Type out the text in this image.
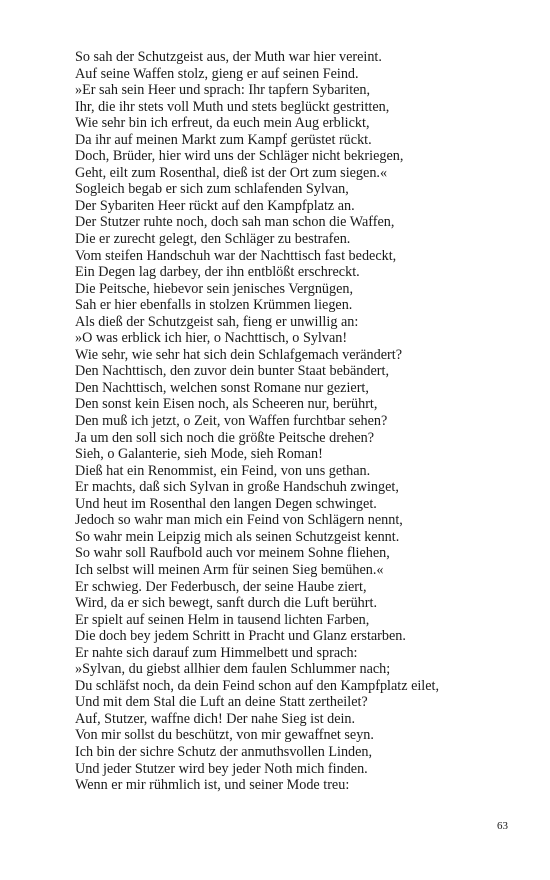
So sah der Schutzgeist aus, der Muth war hier vereint.
Auf seine Waffen stolz, gieng er auf seinen Feind.
»Er sah sein Heer und sprach: Ihr tapfern Sybariten,
Ihr, die ihr stets voll Muth und stets beglückt gestritten,
Wie sehr bin ich erfreut, da euch mein Aug erblickt,
Da ihr auf meinen Markt zum Kampf gerüstet rückt.
Doch, Brüder, hier wird uns der Schläger nicht bekriegen,
Geht, eilt zum Rosenthal, dieß ist der Ort zum siegen.«
Sogleich begab er sich zum schlafenden Sylvan,
Der Sybariten Heer rückt auf den Kampfplatz an.
Der Stutzer ruhte noch, doch sah man schon die Waffen,
Die er zurecht gelegt, den Schläger zu bestrafen.
Vom steifen Handschuh war der Nachttisch fast bedeckt,
Ein Degen lag darbey, der ihn entblößt erschreckt.
Die Peitsche, hiebevor sein jenisches Vergnügen,
Sah er hier ebenfalls in stolzen Krümmen liegen.
Als dieß der Schutzgeist sah, fieng er unwillig an:
»O was erblick ich hier, o Nachttisch, o Sylvan!
Wie sehr, wie sehr hat sich dein Schlafgemach verändert?
Den Nachttisch, den zuvor dein bunter Staat bebändert,
Den Nachttisch, welchen sonst Romane nur geziert,
Den sonst kein Eisen noch, als Scheeren nur, berührt,
Den muß ich jetzt, o Zeit, von Waffen furchtbar sehen?
Ja um den soll sich noch die größte Peitsche drehen?
Sieh, o Galanterie, sieh Mode, sieh Roman!
Dieß hat ein Renommist, ein Feind, von uns gethan.
Er machts, daß sich Sylvan in große Handschuh zwinget,
Und heut im Rosenthal den langen Degen schwinget.
Jedoch so wahr man mich ein Feind von Schlägern nennt,
So wahr mein Leipzig mich als seinen Schutzgeist kennt.
So wahr soll Raufbold auch vor meinem Sohne fliehen,
Ich selbst will meinen Arm für seinen Sieg bemühen.«
Er schwieg. Der Federbusch, der seine Haube ziert,
Wird, da er sich bewegt, sanft durch die Luft berührt.
Er spielt auf seinen Helm in tausend lichten Farben,
Die doch bey jedem Schritt in Pracht und Glanz erstarben.
Er nahte sich darauf zum Himmelbett und sprach:
»Sylvan, du giebst allhier dem faulen Schlummer nach;
Du schläfst noch, da dein Feind schon auf den Kampfplatz eilet,
Und mit dem Stal die Luft an deine Statt zertheilet?
Auf, Stutzer, waffne dich! Der nahe Sieg ist dein.
Von mir sollst du beschützt, von mir gewaffnet seyn.
Ich bin der sichre Schutz der anmuthsvollen Linden,
Und jeder Stutzer wird bey jeder Noth mich finden.
Wenn er mir rühmlich ist, und seiner Mode treu:
63
